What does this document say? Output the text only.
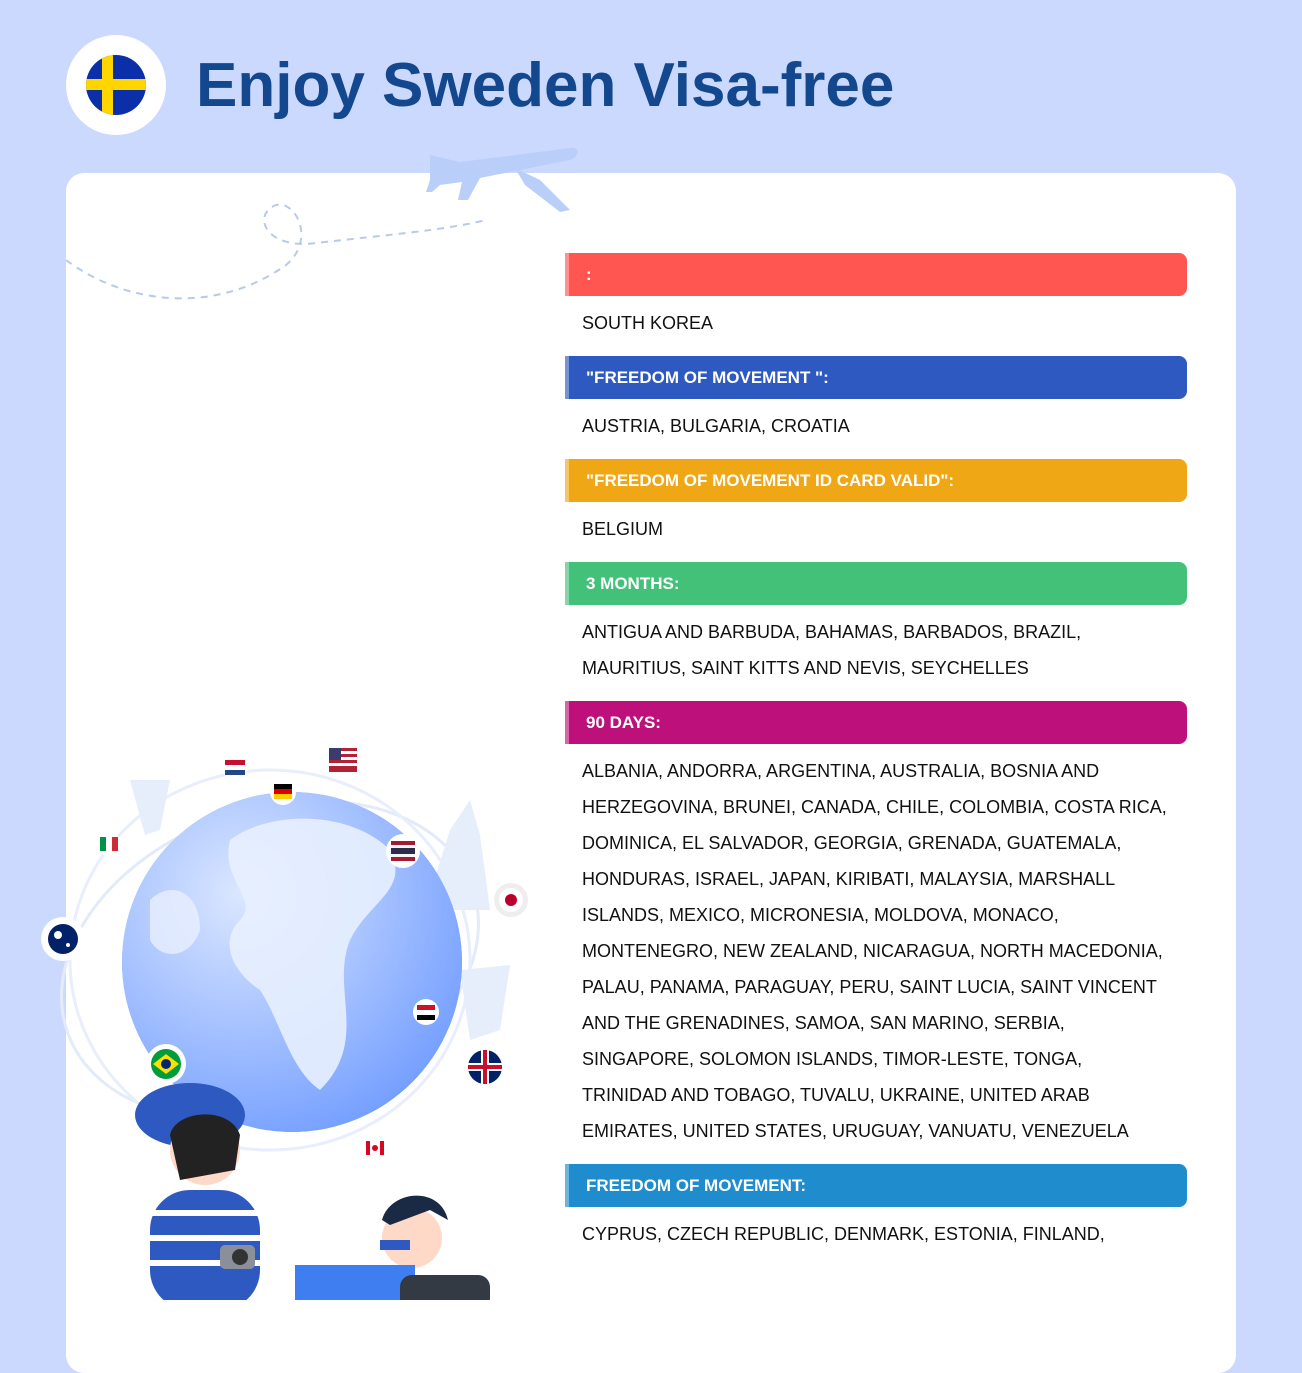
Enjoy Sweden Visa-free
:
SOUTH KOREA
"FREEDOM OF MOVEMENT ":
AUSTRIA, BULGARIA, CROATIA
"FREEDOM OF MOVEMENT ID CARD VALID":
BELGIUM
3 MONTHS:
ANTIGUA AND BARBUDA, BAHAMAS, BARBADOS, BRAZIL, MAURITIUS, SAINT KITTS AND NEVIS, SEYCHELLES
90 DAYS:
ALBANIA, ANDORRA, ARGENTINA, AUSTRALIA, BOSNIA AND HERZEGOVINA, BRUNEI, CANADA, CHILE, COLOMBIA, COSTA RICA, DOMINICA, EL SALVADOR, GEORGIA, GRENADA, GUATEMALA, HONDURAS, ISRAEL, JAPAN, KIRIBATI, MALAYSIA, MARSHALL ISLANDS, MEXICO, MICRONESIA, MOLDOVA, MONACO, MONTENEGRO, NEW ZEALAND, NICARAGUA, NORTH MACEDONIA, PALAU, PANAMA, PARAGUAY, PERU, SAINT LUCIA, SAINT VINCENT AND THE GRENADINES, SAMOA, SAN MARINO, SERBIA, SINGAPORE, SOLOMON ISLANDS, TIMOR-LESTE, TONGA, TRINIDAD AND TOBAGO, TUVALU, UKRAINE, UNITED ARAB EMIRATES, UNITED STATES, URUGUAY, VANUATU, VENEZUELA
FREEDOM OF MOVEMENT:
CYPRUS, CZECH REPUBLIC, DENMARK, ESTONIA, FINLAND,
